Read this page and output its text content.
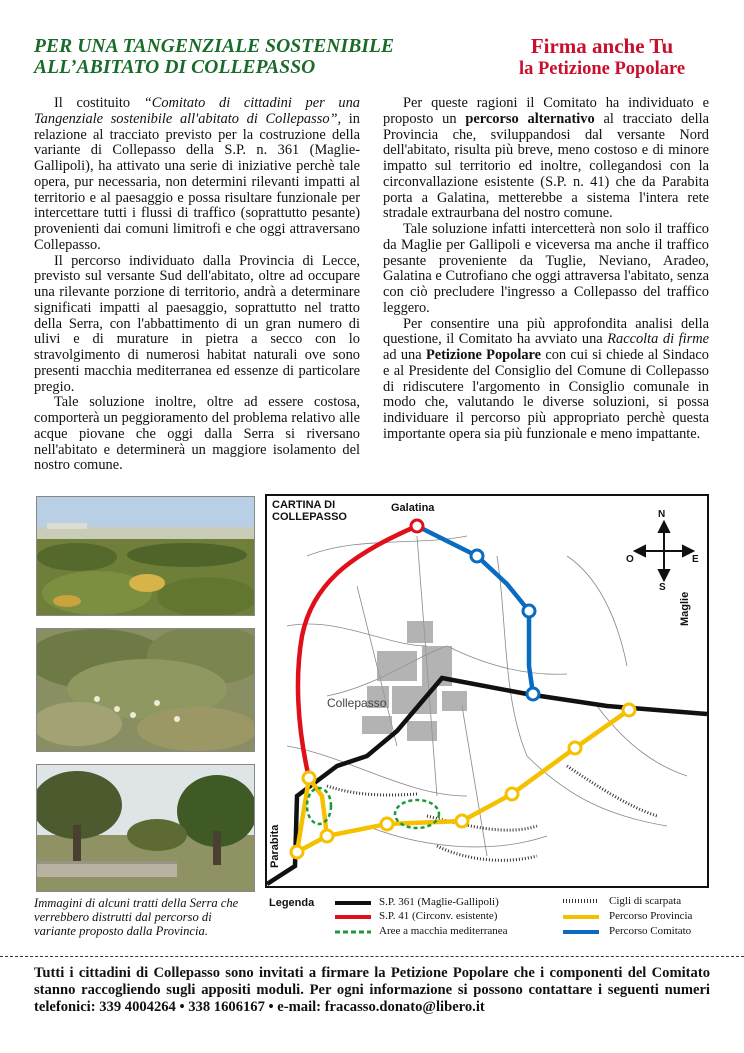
PER UNA TANGENZIALE SOSTENIBILE
ALL’ABITATO DI COLLEPASSO
Firma anche Tu
la Petizione Popolare

Il costituito “Comitato di cittadini per una Tangenziale sostenibile all'abitato di Collepasso”, in relazione al tracciato previsto per la costruzione della variante di Collepasso della S.P. n. 361 (Maglie-Gallipoli), ha attivato una serie di iniziative perchè tale opera, pur necessaria, non determini rilevanti impatti al territorio e al paesaggio e possa risultare funzionale per intercettare tutti i flussi di traffico (soprattutto pesante) provenienti dai comuni limitrofi e che oggi attraversano Collepasso.

Il percorso individuato dalla Provincia di Lecce, previsto sul versante Sud dell'abitato, oltre ad occupare una rilevante porzione di territorio, andrà a determinare significati impatti al paesaggio, soprattutto nel tratto della Serra, con l'abbattimento di un gran numero di ulivi e di murature in pietra a secco con lo stravolgimento di numerosi habitat naturali ove sono presenti macchia mediterranea ed essenze di particolare pregio.

Tale soluzione inoltre, oltre ad essere costosa, comporterà un peggioramento del problema relativo alle acque piovane che oggi dalla Serra si riversano nell'abitato e determinerà un maggiore isolamento del nostro comune.

Per queste ragioni il Comitato ha individuato e proposto un percorso alternativo al tracciato della Provincia che, sviluppandosi dal versante Nord dell'abitato, risulta più breve, meno costoso e di minore impatto sul territorio ed inoltre, collegandosi con la circonvallazione esistente (S.P. n. 41) che da Parabita porta a Galatina, metterebbe a sistema l'intera rete stradale extraurbana del nostro comune.

Tale soluzione infatti intercetterà non solo il traffico da Maglie per Gallipoli e viceversa ma anche il traffico pesante proveniente da Tuglie, Neviano, Aradeo, Galatina e Cutrofiano che oggi attraversa l'abitato, senza con ciò precludere l'ingresso a Collepasso del traffico leggero.

Per consentire una più approfondita analisi della questione, il Comitato ha avviato una Raccolta di firme ad una Petizione Popolare con cui si chiede al Sindaco e al Presidente del Consiglio del Comune di Collepasso di ridiscutere l'argomento in Consiglio comunale in modo che, valutando le diverse soluzioni, si possa individuare il percorso più appropriato perchè questa importante opera sia più funzionale e meno impattante.

Immagini di alcuni tratti della Serra che verrebbero distrutti dal percorso di variante proposto dalla Provincia.
CARTINA DI
COLLEPASSO
Galatina
Maglie
Parabita
Collepasso
N
S
O	E
Legenda	S.P. 361 (Maglie-Gallipoli)
S.P. 41 (Circonv. esistente)
Aree a macchia mediterranea
Cigli di scarpata
Percorso Provincia
Percorso Comitato
Tutti i cittadini di Collepasso sono invitati a firmare la Petizione Popolare che i componenti del Comitato stanno raccogliendo sugli appositi moduli. Per ogni informazione si possono contattare i seguenti numeri telefonici: 339 4004264 • 338 1606167 • e-mail: fracasso.donato@libero.it
